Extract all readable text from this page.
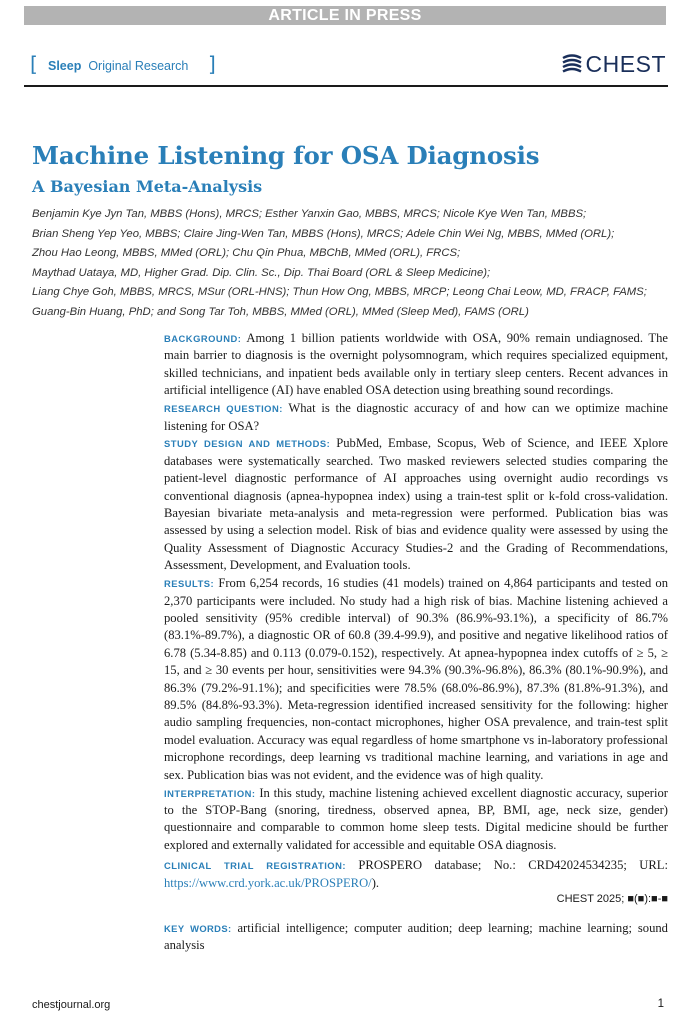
ARTICLE IN PRESS
[ Sleep Original Research ]	CHEST
Machine Listening for OSA Diagnosis
A Bayesian Meta-Analysis
Benjamin Kye Jyn Tan, MBBS (Hons), MRCS; Esther Yanxin Gao, MBBS, MRCS; Nicole Kye Wen Tan, MBBS;
Brian Sheng Yep Yeo, MBBS; Claire Jing-Wen Tan, MBBS (Hons), MRCS; Adele Chin Wei Ng, MBBS, MMed (ORL);
Zhou Hao Leong, MBBS, MMed (ORL); Chu Qin Phua, MBChB, MMed (ORL), FRCS;
Maythad Uataya, MD, Higher Grad. Dip. Clin. Sc., Dip. Thai Board (ORL & Sleep Medicine);
Liang Chye Goh, MBBS, MRCS, MSur (ORL-HNS); Thun How Ong, MBBS, MRCP; Leong Chai Leow, MD, FRACP, FAMS;
Guang-Bin Huang, PhD; and Song Tar Toh, MBBS, MMed (ORL), MMed (Sleep Med), FAMS (ORL)

BACKGROUND: Among 1 billion patients worldwide with OSA, 90% remain undiagnosed. The main barrier to diagnosis is the overnight polysomnogram, which requires specialized equipment, skilled technicians, and inpatient beds available only in tertiary sleep centers. Recent advances in artificial intelligence (AI) have enabled OSA detection using breathing sound recordings.

RESEARCH QUESTION: What is the diagnostic accuracy of and how can we optimize machine listening for OSA?

STUDY DESIGN AND METHODS: PubMed, Embase, Scopus, Web of Science, and IEEE Xplore databases were systematically searched. Two masked reviewers selected studies comparing the patient-level diagnostic performance of AI approaches using overnight audio recordings vs conventional diagnosis (apnea-hypopnea index) using a train-test split or k-fold cross-validation. Bayesian bivariate meta-analysis and meta-regression were performed. Publication bias was assessed by using a selection model. Risk of bias and evidence quality were assessed by using the Quality Assessment of Diagnostic Accuracy Studies-2 and the Grading of Recommendations, Assessment, Development, and Evaluation tools.

RESULTS: From 6,254 records, 16 studies (41 models) trained on 4,864 participants and tested on 2,370 participants were included. No study had a high risk of bias. Machine listening achieved a pooled sensitivity (95% credible interval) of 90.3% (86.9%-93.1%), a specificity of 86.7% (83.1%-89.7%), a diagnostic OR of 60.8 (39.4-99.9), and positive and negative likelihood ratios of 6.78 (5.34-8.85) and 0.113 (0.079-0.152), respectively. At apnea-hypopnea index cutoffs of ≥ 5, ≥ 15, and ≥ 30 events per hour, sensitivities were 94.3% (90.3%-96.8%), 86.3% (80.1%-90.9%), and 86.3% (79.2%-91.1%); and specificities were 78.5% (68.0%-86.9%), 87.3% (81.8%-91.3%), and 89.5% (84.8%-93.3%). Meta-regression identified increased sensitivity for the following: higher audio sampling frequencies, non-contact microphones, higher OSA prevalence, and train-test split model evaluation. Accuracy was equal regardless of home smartphone vs in-laboratory professional microphone recordings, deep learning vs traditional machine learning, and variations in age and sex. Publication bias was not evident, and the evidence was of high quality.

INTERPRETATION: In this study, machine listening achieved excellent diagnostic accuracy, superior to the STOP-Bang (snoring, tiredness, observed apnea, BP, BMI, age, neck size, gender) questionnaire and comparable to common home sleep tests. Digital medicine should be further explored and externally validated for accessible and equitable OSA diagnosis.

CLINICAL TRIAL REGISTRATION: PROSPERO database; No.: CRD42024534235; URL: https://www.crd.york.ac.uk/PROSPERO/).

CHEST 2025; ■(■):■-■

KEY WORDS: artificial intelligence; computer audition; deep learning; machine learning; sound analysis

chestjournal.org	1
